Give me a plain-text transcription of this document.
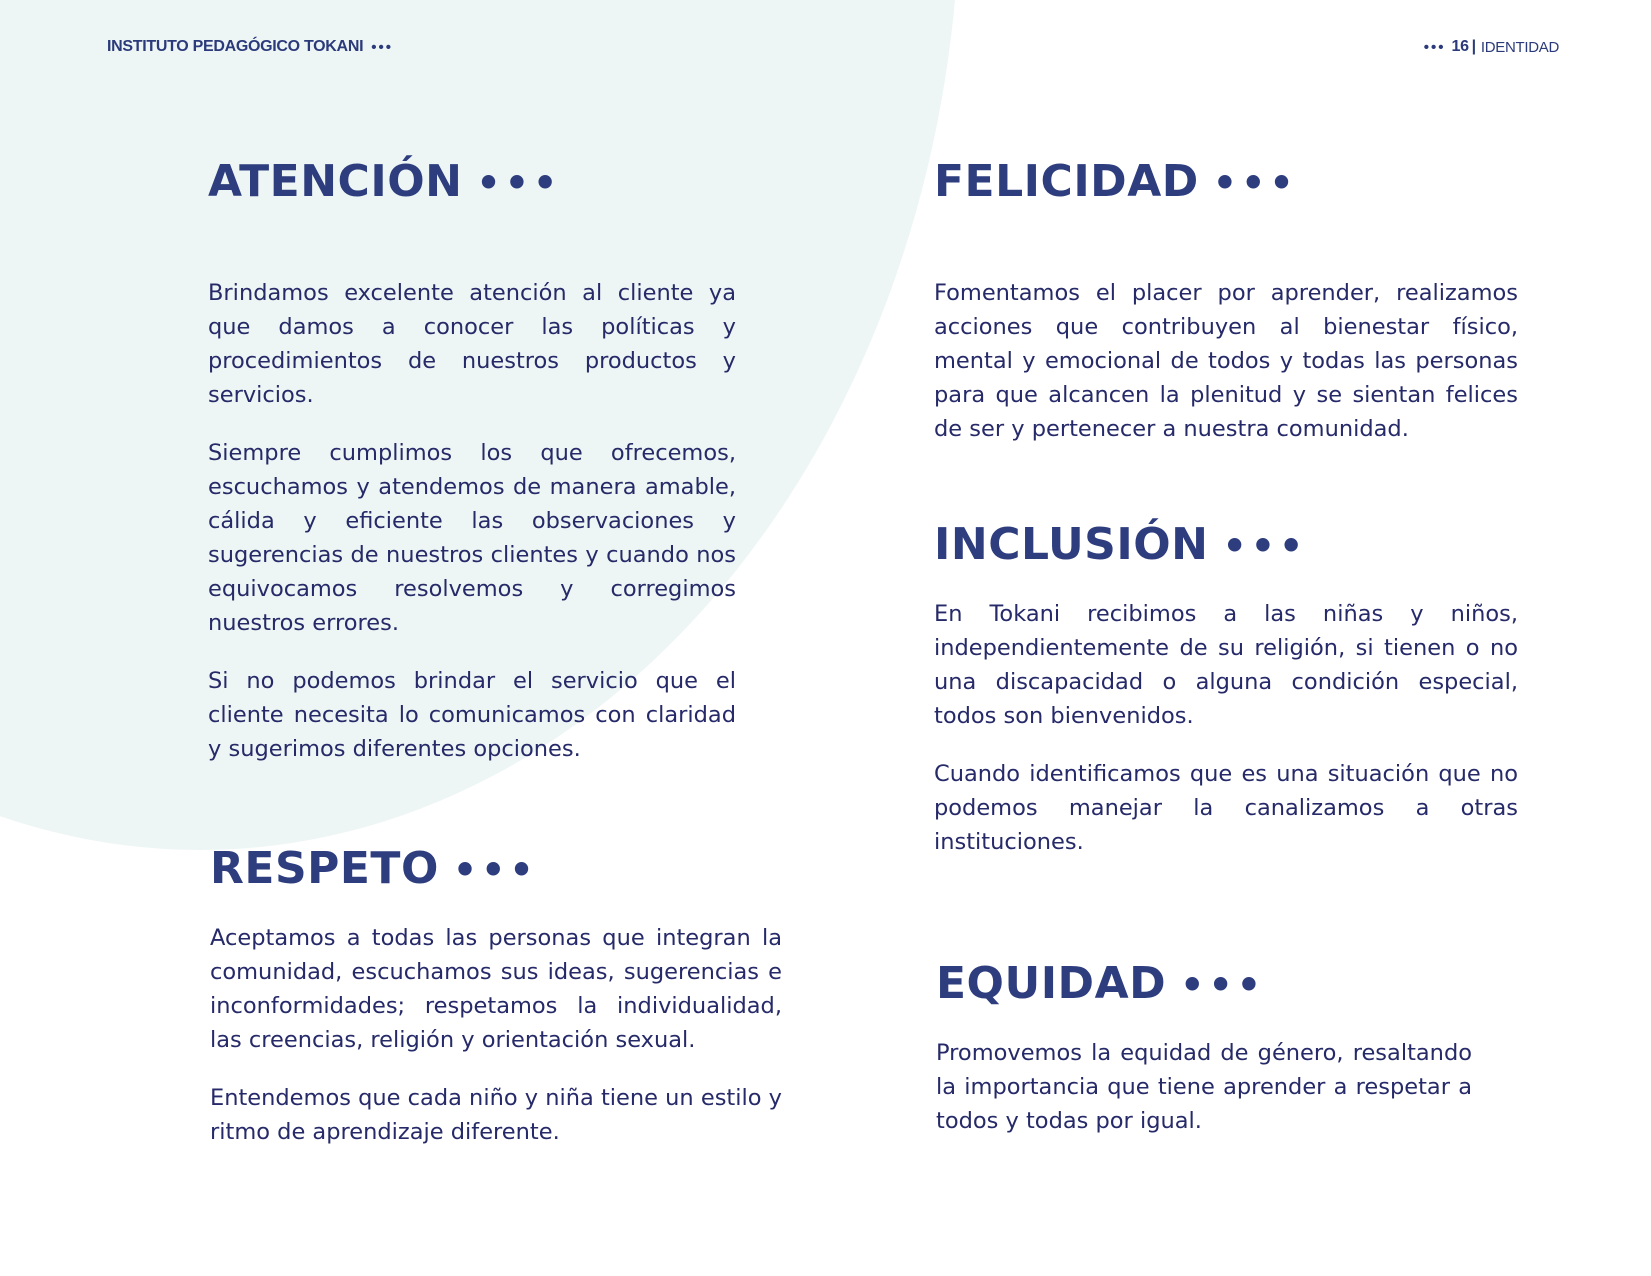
INSTITUTO PEDAGÓGICO TOKANI •••	••• 16 | IDENTIDAD
ATENCIÓN •••

Brindamos excelente atención al cliente ya que damos a conocer las políticas y procedimientos de nuestros productos y servicios.

Siempre cumplimos los que ofrecemos, escuchamos y atendemos de manera amable, cálida y eficiente las observaciones y sugerencias de nuestros clientes y cuando nos equivocamos resolvemos y corregimos nuestros errores.

Si no podemos brindar el servicio que el cliente necesita lo comunicamos con claridad y sugerimos diferentes opciones.

RESPETO •••

Aceptamos a todas las personas que integran la comunidad, escuchamos sus ideas, sugerencias e inconformidades; respetamos la individualidad, las creencias, religión y orientación sexual.

Entendemos que cada niño y niña tiene un estilo y ritmo de aprendizaje diferente.

FELICIDAD •••

Fomentamos el placer por aprender, realizamos acciones que contribuyen al bienestar físico, mental y emocional de todos y todas las personas para que alcancen la plenitud y se sientan felices de ser y pertenecer a nuestra comunidad.

INCLUSIÓN •••

En Tokani recibimos a las niñas y niños, independientemente de su religión, si tienen o no una discapacidad o alguna condición especial, todos son bienvenidos.

Cuando identificamos que es una situación que no podemos manejar la canalizamos a otras instituciones.

EQUIDAD •••

Promovemos la equidad de género, resaltando la importancia que tiene aprender a respetar a todos y todas por igual.
